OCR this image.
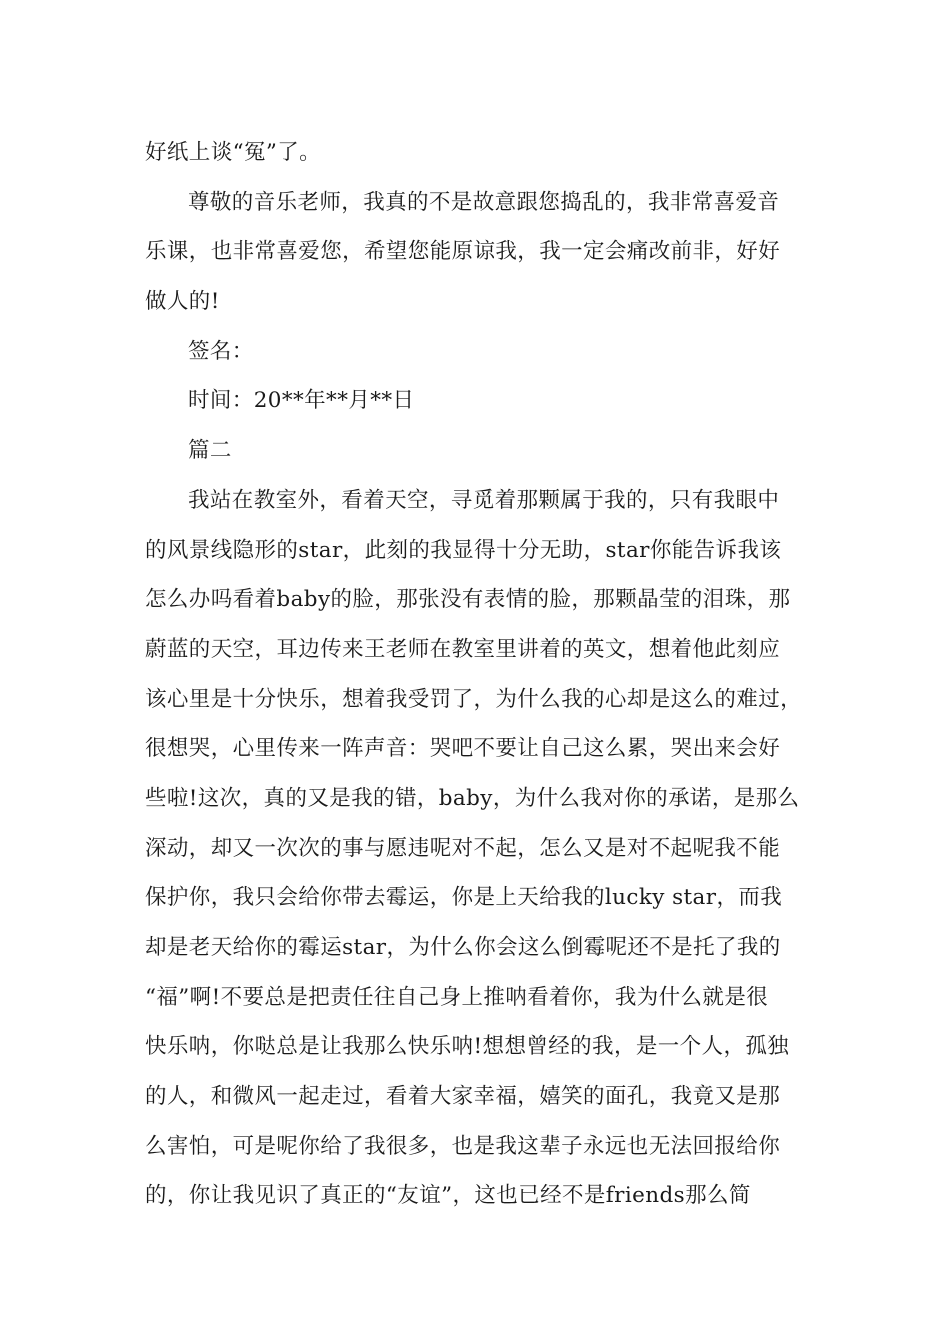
好纸上谈“冤”了。
尊敬的音乐老师，我真的不是故意跟您捣乱的，我非常喜爱音
乐课，也非常喜爱您，希望您能原谅我，我一定会痛改前非，好好
做人的!
签名：
时间：20**年**月**日
篇二
我站在教室外，看着天空，寻觅着那颗属于我的，只有我眼中
的风景线隐形的star，此刻的我显得十分无助，star你能告诉我该
怎么办吗看着baby的脸，那张没有表情的脸，那颗晶莹的泪珠，那
蔚蓝的天空，耳边传来王老师在教室里讲着的英文，想着他此刻应
该心里是十分快乐，想着我受罚了，为什么我的心却是这么的难过，
很想哭，心里传来一阵声音：哭吧不要让自己这么累，哭出来会好
些啦!这次，真的又是我的错，baby，为什么我对你的承诺，是那么
深动，却又一次次的事与愿违呢对不起，怎么又是对不起呢我不能
保护你，我只会给你带去霉运，你是上天给我的lucky star，而我
却是老天给你的霉运star，为什么你会这么倒霉呢还不是托了我的
“福”啊!不要总是把责任往自己身上推呐看着你，我为什么就是很
快乐呐，你哒总是让我那么快乐呐!想想曾经的我，是一个人，孤独
的人，和微风一起走过，看着大家幸福，嬉笑的面孔，我竟又是那
么害怕，可是呢你给了我很多，也是我这辈子永远也无法回报给你
的，你让我见识了真正的“友谊”，这也已经不是friends那么简
